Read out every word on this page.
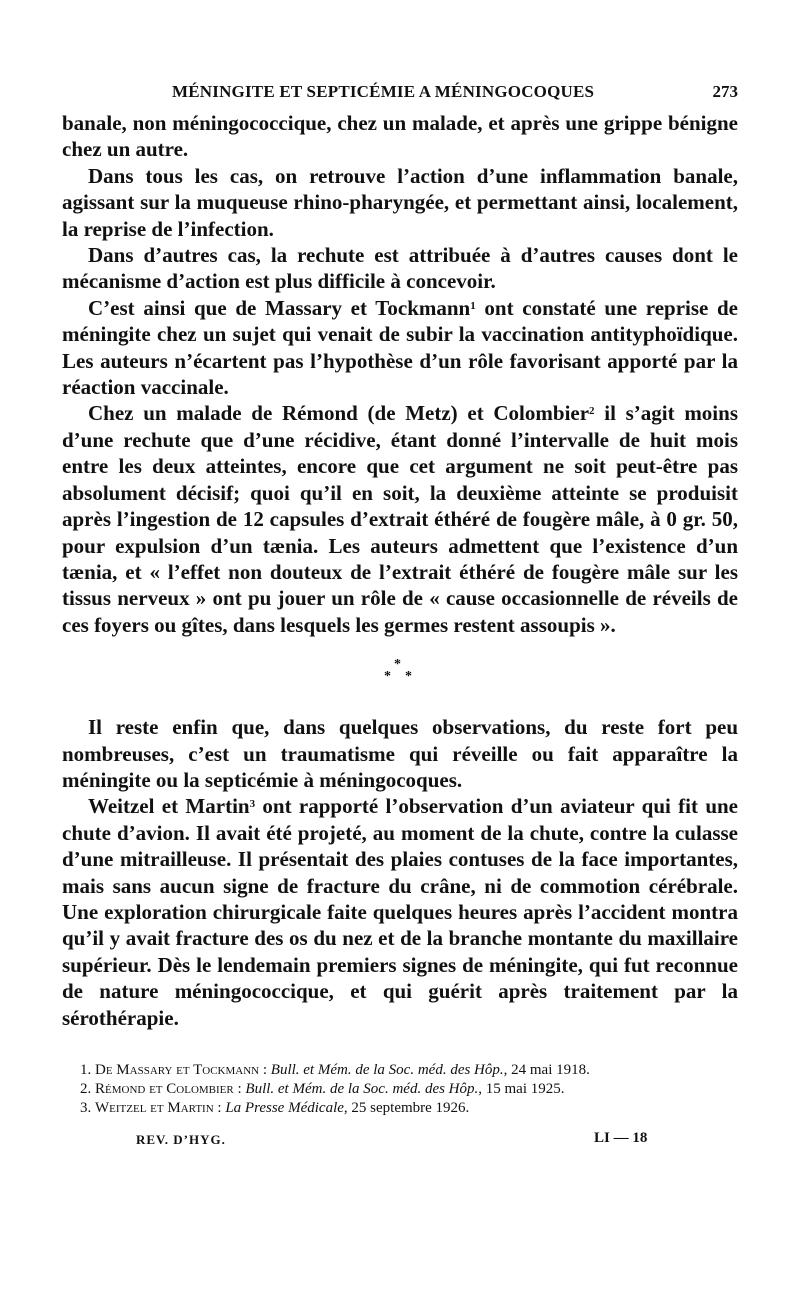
MÉNINGITE ET SEPTICÉMIE A MÉNINGOCOQUES	273

banale, non méningococcique, chez un malade, et après une grippe bénigne chez un autre.

Dans tous les cas, on retrouve l’action d’une inflammation banale, agissant sur la muqueuse rhino-pharyngée, et permettant ainsi, localement, la reprise de l’infection.

Dans d’autres cas, la rechute est attribuée à d’autres causes dont le mécanisme d’action est plus difficile à concevoir.

C’est ainsi que de Massary et Tockmann$^1$ ont constaté une reprise de méningite chez un sujet qui venait de subir la vaccination antityphoïdique. Les auteurs n’écartent pas l’hypothèse d’un rôle favorisant apporté par la réaction vaccinale.

Chez un malade de Rémond (de Metz) et Colombier$^2$ il s’agit moins d’une rechute que d’une récidive, étant donné l’intervalle de huit mois entre les deux atteintes, encore que cet argument ne soit peut-être pas absolument décisif; quoi qu’il en soit, la deuxième atteinte se produisit après l’ingestion de 12 capsules d’extrait éthéré de fougère mâle, à 0 gr. 50, pour expulsion d’un tænia. Les auteurs admettent que l’existence d’un tænia, et « l’effet non douteux de l’extrait éthéré de fougère mâle sur les tissus nerveux » ont pu jouer un rôle de « cause occasionnelle de réveils de ces foyers ou gîtes, dans lesquels les germes restent assoupis ».

*
* *

Il reste enfin que, dans quelques observations, du reste fort peu nombreuses, c’est un traumatisme qui réveille ou fait apparaître la méningite ou la septicémie à méningocoques.

Weitzel et Martin$^3$ ont rapporté l’observation d’un aviateur qui fit une chute d’avion. Il avait été projeté, au moment de la chute, contre la culasse d’une mitrailleuse. Il présentait des plaies contuses de la face importantes, mais sans aucun signe de fracture du crâne, ni de commotion cérébrale. Une exploration chirurgicale faite quelques heures après l’accident montra qu’il y avait fracture des os du nez et de la branche montante du maxillaire supérieur. Dès le lendemain premiers signes de méningite, qui fut reconnue de nature méningococcique, et qui guérit après traitement par la sérothérapie.

1. De Massary et Tockmann : Bull. et Mém. de la Soc. méd. des Hôp., 24 mai 1918.
2. Rémond et Colombier : Bull. et Mém. de la Soc. méd. des Hôp., 15 mai 1925.
3. Weitzel et Martin : La Presse Médicale, 25 septembre 1926.
REV. D’HYG.	LI — 18
